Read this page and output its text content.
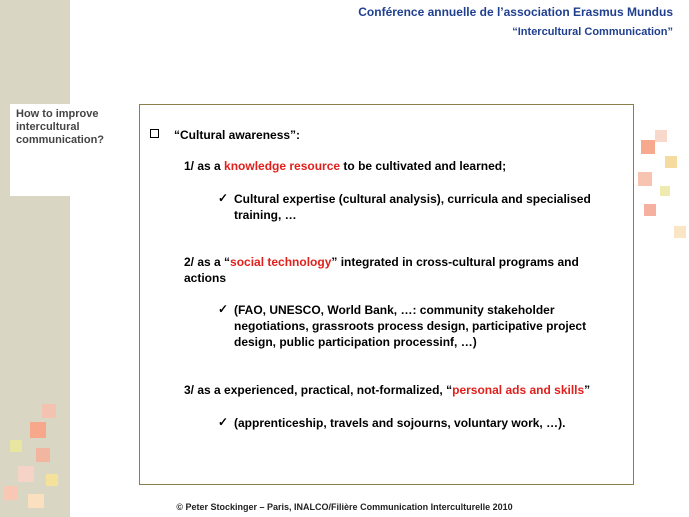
How to improve intercultural communication?
Conférence annuelle de l’association Erasmus Mundus
“Intercultural Communication”
“Cultural awareness”:
1/ as a knowledge resource to be cultivated and learned;
✓ Cultural expertise (cultural analysis), curricula and specialised training, …
2/ as a “social technology” integrated in cross-cultural programs and actions
✓ (FAO, UNESCO, World Bank, …: community stakeholder negotiations, grassroots process design, participative project design, public participation processinf, …)
3/ as a experienced, practical, not-formalized, “personal ads and skills”
✓ (apprenticeship, travels and sojourns, voluntary work, …).
© Peter Stockinger – Paris, INALCO/Filière Communication Interculturelle 2010
